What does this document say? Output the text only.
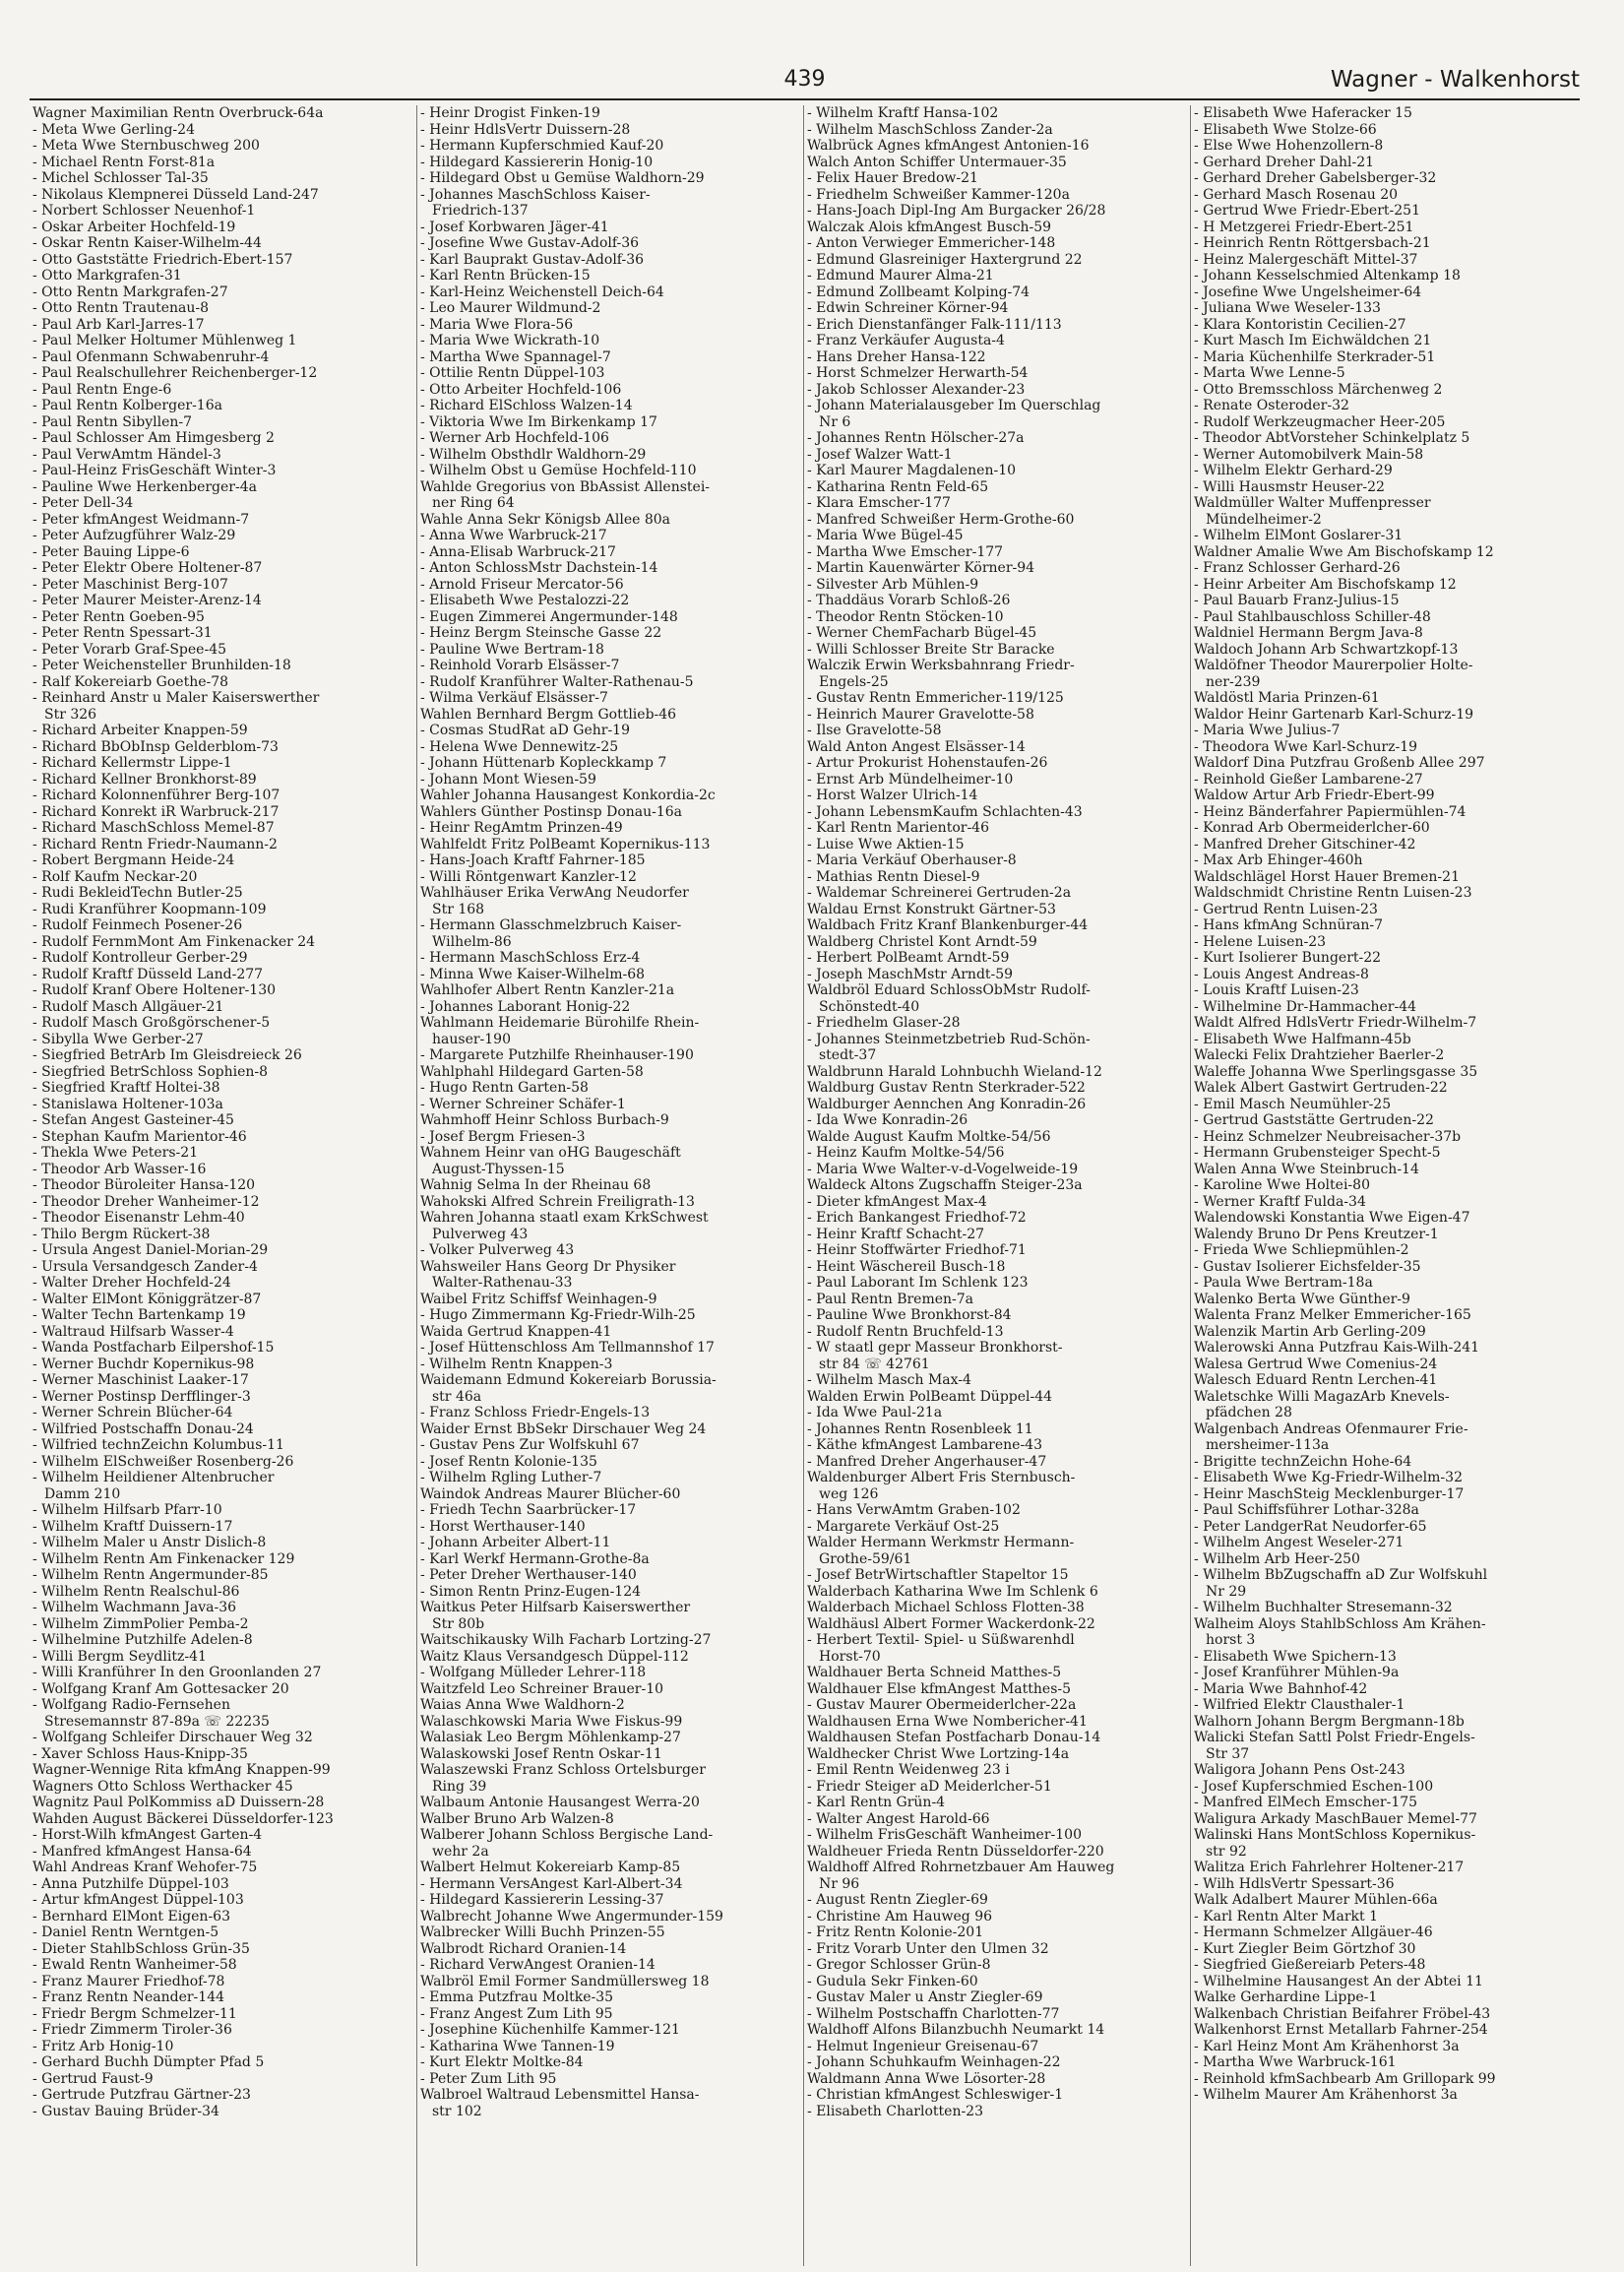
439	Wagner - Walkenhorst
Wagner Maximilian Rentn Overbruck-64a
- Meta Wwe Gerling-24
- Meta Wwe Sternbuschweg 200
- Michael Rentn Forst-81a
- Michel Schlosser Tal-35
- Nikolaus Klempnerei Düsseld Land-247
- Norbert Schlosser Neuenhof-1
- Oskar Arbeiter Hochfeld-19
- Oskar Rentn Kaiser-Wilhelm-44
- Otto Gaststätte Friedrich-Ebert-157
- Otto Markgrafen-31
- Otto Rentn Markgrafen-27
- Otto Rentn Trautenau-8
- Paul Arb Karl-Jarres-17
- Paul Melker Holtumer Mühlenweg 1
- Paul Ofenmann Schwabenruhr-4
- Paul Realschullehrer Reichenberger-12
- Paul Rentn Enge-6
- Paul Rentn Kolberger-16a
- Paul Rentn Sibyllen-7
- Paul Schlosser Am Himgesberg 2
- Paul VerwAmtm Händel-3
- Paul-Heinz FrisGeschäft Winter-3
- Pauline Wwe Herkenberger-4a
- Peter Dell-34
- Peter kfmAngest Weidmann-7
- Peter Aufzugführer Walz-29
- Peter Bauing Lippe-6
- Peter Elektr Obere Holtener-87
- Peter Maschinist Berg-107
- Peter Maurer Meister-Arenz-14
- Peter Rentn Goeben-95
- Peter Rentn Spessart-31
- Peter Vorarb Graf-Spee-45
- Peter Weichensteller Brunhilden-18
- Ralf Kokereiarb Goethe-78
- Reinhard Anstr u Maler Kaiserswerther
Str 326
- Richard Arbeiter Knappen-59
- Richard BbObInsp Gelderblom-73
- Richard Kellermstr Lippe-1
- Richard Kellner Bronkhorst-89
- Richard Kolonnenführer Berg-107
- Richard Konrekt iR Warbruck-217
- Richard MaschSchloss Memel-87
- Richard Rentn Friedr-Naumann-2
- Robert Bergmann Heide-24
- Rolf Kaufm Neckar-20
- Rudi BekleidTechn Butler-25
- Rudi Kranführer Koopmann-109
- Rudolf Feinmech Posener-26
- Rudolf FernmMont Am Finkenacker 24
- Rudolf Kontrolleur Gerber-29
- Rudolf Kraftf Düsseld Land-277
- Rudolf Kranf Obere Holtener-130
- Rudolf Masch Allgäuer-21
- Rudolf Masch Großgörschener-5
- Sibylla Wwe Gerber-27
- Siegfried BetrArb Im Gleisdreieck 26
- Siegfried BetrSchloss Sophien-8
- Siegfried Kraftf Holtei-38
- Stanislawa Holtener-103a
- Stefan Angest Gasteiner-45
- Stephan Kaufm Marientor-46
- Thekla Wwe Peters-21
- Theodor Arb Wasser-16
- Theodor Büroleiter Hansa-120
- Theodor Dreher Wanheimer-12
- Theodor Eisenanstr Lehm-40
- Thilo Bergm Rückert-38
- Ursula Angest Daniel-Morian-29
- Ursula Versandgesch Zander-4
- Walter Dreher Hochfeld-24
- Walter ElMont Königgrätzer-87
- Walter Techn Bartenkamp 19
- Waltraud Hilfsarb Wasser-4
- Wanda Postfacharb Eilpershof-15
- Werner Buchdr Kopernikus-98
- Werner Maschinist Laaker-17
- Werner Postinsp Derfflinger-3
- Werner Schrein Blücher-64
- Wilfried Postschaffn Donau-24
- Wilfried technZeichn Kolumbus-11
- Wilhelm ElSchweißer Rosenberg-26
- Wilhelm Heildiener Altenbrucher
Damm 210
- Wilhelm Hilfsarb Pfarr-10
- Wilhelm Kraftf Duissern-17
- Wilhelm Maler u Anstr Dislich-8
- Wilhelm Rentn Am Finkenacker 129
- Wilhelm Rentn Angermunder-85
- Wilhelm Rentn Realschul-86
- Wilhelm Wachmann Java-36
- Wilhelm ZimmPolier Pemba-2
- Wilhelmine Putzhilfe Adelen-8
- Willi Bergm Seydlitz-41
- Willi Kranführer In den Groonlanden 27
- Wolfgang Kranf Am Gottesacker 20
- Wolfgang Radio-Fernsehen
Stresemannstr 87-89a ☏ 22235
- Wolfgang Schleifer Dirschauer Weg 32
- Xaver Schloss Haus-Knipp-35
Wagner-Wennige Rita kfmAng Knappen-99
Wagners Otto Schloss Werthacker 45
Wagnitz Paul PolKommiss aD Duissern-28
Wahden August Bäckerei Düsseldorfer-123
- Horst-Wilh kfmAngest Garten-4
- Manfred kfmAngest Hansa-64
Wahl Andreas Kranf Wehofer-75
- Anna Putzhilfe Düppel-103
- Artur kfmAngest Düppel-103
- Bernhard ElMont Eigen-63
- Daniel Rentn Werntgen-5
- Dieter StahlbSchloss Grün-35
- Ewald Rentn Wanheimer-58
- Franz Maurer Friedhof-78
- Franz Rentn Neander-144
- Friedr Bergm Schmelzer-11
- Friedr Zimmerm Tiroler-36
- Fritz Arb Honig-10
- Gerhard Buchh Dümpter Pfad 5
- Gertrud Faust-9
- Gertrude Putzfrau Gärtner-23
- Gustav Bauing Brüder-34
- Heinr Drogist Finken-19
- Heinr HdlsVertr Duissern-28
- Hermann Kupferschmied Kauf-20
- Hildegard Kassiererin Honig-10
- Hildegard Obst u Gemüse Waldhorn-29
- Johannes MaschSchloss Kaiser-
Friedrich-137
- Josef Korbwaren Jäger-41
- Josefine Wwe Gustav-Adolf-36
- Karl Bauprakt Gustav-Adolf-36
- Karl Rentn Brücken-15
- Karl-Heinz Weichenstell Deich-64
- Leo Maurer Wildmund-2
- Maria Wwe Flora-56
- Maria Wwe Wickrath-10
- Martha Wwe Spannagel-7
- Ottilie Rentn Düppel-103
- Otto Arbeiter Hochfeld-106
- Richard ElSchloss Walzen-14
- Viktoria Wwe Im Birkenkamp 17
- Werner Arb Hochfeld-106
- Wilhelm Obsthdlr Waldhorn-29
- Wilhelm Obst u Gemüse Hochfeld-110
Wahlde Gregorius von BbAssist Allenstei-
ner Ring 64
Wahle Anna Sekr Königsb Allee 80a
- Anna Wwe Warbruck-217
- Anna-Elisab Warbruck-217
- Anton SchlossMstr Dachstein-14
- Arnold Friseur Mercator-56
- Elisabeth Wwe Pestalozzi-22
- Eugen Zimmerei Angermunder-148
- Heinz Bergm Steinsche Gasse 22
- Pauline Wwe Bertram-18
- Reinhold Vorarb Elsässer-7
- Rudolf Kranführer Walter-Rathenau-5
- Wilma Verkäuf Elsässer-7
Wahlen Bernhard Bergm Gottlieb-46
- Cosmas StudRat aD Gehr-19
- Helena Wwe Dennewitz-25
- Johann Hüttenarb Kopleckkamp 7
- Johann Mont Wiesen-59
Wahler Johanna Hausangest Konkordia-2c
Wahlers Günther Postinsp Donau-16a
- Heinr RegAmtm Prinzen-49
Wahlfeldt Fritz PolBeamt Kopernikus-113
- Hans-Joach Kraftf Fahrner-185
- Willi Röntgenwart Kanzler-12
Wahlhäuser Erika VerwAng Neudorfer
Str 168
- Hermann Glasschmelzbruch Kaiser-
Wilhelm-86
- Hermann MaschSchloss Erz-4
- Minna Wwe Kaiser-Wilhelm-68
Wahlhofer Albert Rentn Kanzler-21a
- Johannes Laborant Honig-22
Wahlmann Heidemarie Bürohilfe Rhein-
hauser-190
- Margarete Putzhilfe Rheinhauser-190
Wahlphahl Hildegard Garten-58
- Hugo Rentn Garten-58
- Werner Schreiner Schäfer-1
Wahmhoff Heinr Schloss Burbach-9
- Josef Bergm Friesen-3
Wahnem Heinr van oHG Baugeschäft
August-Thyssen-15
Wahnig Selma In der Rheinau 68
Wahokski Alfred Schrein Freiligrath-13
Wahren Johanna staatl exam KrkSchwest
Pulverweg 43
- Volker Pulverweg 43
Wahsweiler Hans Georg Dr Physiker
Walter-Rathenau-33
Waibel Fritz Schiffsf Weinhagen-9
- Hugo Zimmermann Kg-Friedr-Wilh-25
Waida Gertrud Knappen-41
- Josef Hüttenschloss Am Tellmannshof 17
- Wilhelm Rentn Knappen-3
Waidemann Edmund Kokereiarb Borussia-
str 46a
- Franz Schloss Friedr-Engels-13
Waider Ernst BbSekr Dirschauer Weg 24
- Gustav Pens Zur Wolfskuhl 67
- Josef Rentn Kolonie-135
- Wilhelm Rgling Luther-7
Waindok Andreas Maurer Blücher-60
- Friedh Techn Saarbrücker-17
- Horst Werthauser-140
- Johann Arbeiter Albert-11
- Karl Werkf Hermann-Grothe-8a
- Peter Dreher Werthauser-140
- Simon Rentn Prinz-Eugen-124
Waitkus Peter Hilfsarb Kaiserswerther
Str 80b
Waitschikausky Wilh Facharb Lortzing-27
Waitz Klaus Versandgesch Düppel-112
- Wolfgang Mülleder Lehrer-118
Waitzfeld Leo Schreiner Brauer-10
Waias Anna Wwe Waldhorn-2
Walaschkowski Maria Wwe Fiskus-99
Walasiak Leo Bergm Möhlenkamp-27
Walaskowski Josef Rentn Oskar-11
Walaszewski Franz Schloss Ortelsburger
Ring 39
Walbaum Antonie Hausangest Werra-20
Walber Bruno Arb Walzen-8
Walberer Johann Schloss Bergische Land-
wehr 2a
Walbert Helmut Kokereiarb Kamp-85
- Hermann VersAngest Karl-Albert-34
- Hildegard Kassiererin Lessing-37
Walbrecht Johanne Wwe Angermunder-159
Walbrecker Willi Buchh Prinzen-55
Walbrodt Richard Oranien-14
- Richard VerwAngest Oranien-14
Walbröl Emil Former Sandmüllersweg 18
- Emma Putzfrau Moltke-35
- Franz Angest Zum Lith 95
- Josephine Küchenhilfe Kammer-121
- Katharina Wwe Tannen-19
- Kurt Elektr Moltke-84
- Peter Zum Lith 95
Walbroel Waltraud Lebensmittel Hansa-
str 102
- Wilhelm Kraftf Hansa-102
- Wilhelm MaschSchloss Zander-2a
Walbrück Agnes kfmAngest Antonien-16
Walch Anton Schiffer Untermauer-35
- Felix Hauer Bredow-21
- Friedhelm Schweißer Kammer-120a
- Hans-Joach Dipl-Ing Am Burgacker 26/28
Walczak Alois kfmAngest Busch-59
- Anton Verwieger Emmericher-148
- Edmund Glasreiniger Haxtergrund 22
- Edmund Maurer Alma-21
- Edmund Zollbeamt Kolping-74
- Edwin Schreiner Körner-94
- Erich Dienstanfänger Falk-111/113
- Franz Verkäufer Augusta-4
- Hans Dreher Hansa-122
- Horst Schmelzer Herwarth-54
- Jakob Schlosser Alexander-23
- Johann Materialausgeber Im Querschlag
Nr 6
- Johannes Rentn Hölscher-27a
- Josef Walzer Watt-1
- Karl Maurer Magdalenen-10
- Katharina Rentn Feld-65
- Klara Emscher-177
- Manfred Schweißer Herm-Grothe-60
- Maria Wwe Bügel-45
- Martha Wwe Emscher-177
- Martin Kauenwärter Körner-94
- Silvester Arb Mühlen-9
- Thaddäus Vorarb Schloß-26
- Theodor Rentn Stöcken-10
- Werner ChemFacharb Bügel-45
- Willi Schlosser Breite Str Baracke
Walczik Erwin Werksbahnrang Friedr-
Engels-25
- Gustav Rentn Emmericher-119/125
- Heinrich Maurer Gravelotte-58
- Ilse Gravelotte-58
Wald Anton Angest Elsässer-14
- Artur Prokurist Hohenstaufen-26
- Ernst Arb Mündelheimer-10
- Horst Walzer Ulrich-14
- Johann LebensmKaufm Schlachten-43
- Karl Rentn Marientor-46
- Luise Wwe Aktien-15
- Maria Verkäuf Oberhauser-8
- Mathias Rentn Diesel-9
- Waldemar Schreinerei Gertruden-2a
Waldau Ernst Konstrukt Gärtner-53
Waldbach Fritz Kranf Blankenburger-44
Waldberg Christel Kont Arndt-59
- Herbert PolBeamt Arndt-59
- Joseph MaschMstr Arndt-59
Waldbröl Eduard SchlossObMstr Rudolf-
Schönstedt-40
- Friedhelm Glaser-28
- Johannes Steinmetzbetrieb Rud-Schön-
stedt-37
Waldbrunn Harald Lohnbuchh Wieland-12
Waldburg Gustav Rentn Sterkrader-522
Waldburger Aennchen Ang Konradin-26
- Ida Wwe Konradin-26
Walde August Kaufm Moltke-54/56
- Heinz Kaufm Moltke-54/56
- Maria Wwe Walter-v-d-Vogelweide-19
Waldeck Altons Zugschaffn Steiger-23a
- Dieter kfmAngest Max-4
- Erich Bankangest Friedhof-72
- Heinr Kraftf Schacht-27
- Heinr Stoffwärter Friedhof-71
- Heint Wäschereil Busch-18
- Paul Laborant Im Schlenk 123
- Paul Rentn Bremen-7a
- Pauline Wwe Bronkhorst-84
- Rudolf Rentn Bruchfeld-13
- W staatl gepr Masseur Bronkhorst-
str 84 ☏ 42761
- Wilhelm Masch Max-4
Walden Erwin PolBeamt Düppel-44
- Ida Wwe Paul-21a
- Johannes Rentn Rosenbleek 11
- Käthe kfmAngest Lambarene-43
- Manfred Dreher Angerhauser-47
Waldenburger Albert Fris Sternbusch-
weg 126
- Hans VerwAmtm Graben-102
- Margarete Verkäuf Ost-25
Walder Hermann Werkmstr Hermann-
Grothe-59/61
- Josef BetrWirtschaftler Stapeltor 15
Walderbach Katharina Wwe Im Schlenk 6
Walderbach Michael Schloss Flotten-38
Waldhäusl Albert Former Wackerdonk-22
- Herbert Textil- Spiel- u Süßwarenhdl
Horst-70
Waldhauer Berta Schneid Matthes-5
Waldhauer Else kfmAngest Matthes-5
- Gustav Maurer Obermeiderlcher-22a
Waldhausen Erna Wwe Nombericher-41
Waldhausen Stefan Postfacharb Donau-14
Waldhecker Christ Wwe Lortzing-14a
- Emil Rentn Weidenweg 23 i
- Friedr Steiger aD Meiderlcher-51
- Karl Rentn Grün-4
- Walter Angest Harold-66
- Wilhelm FrisGeschäft Wanheimer-100
Waldheuer Frieda Rentn Düsseldorfer-220
Waldhoff Alfred Rohrnetzbauer Am Hauweg
Nr 96
- August Rentn Ziegler-69
- Christine Am Hauweg 96
- Fritz Rentn Kolonie-201
- Fritz Vorarb Unter den Ulmen 32
- Gregor Schlosser Grün-8
- Gudula Sekr Finken-60
- Gustav Maler u Anstr Ziegler-69
- Wilhelm Postschaffn Charlotten-77
Waldhoff Alfons Bilanzbuchh Neumarkt 14
- Helmut Ingenieur Greisenau-67
- Johann Schuhkaufm Weinhagen-22
Waldmann Anna Wwe Lösorter-28
- Christian kfmAngest Schleswiger-1
- Elisabeth Charlotten-23
- Elisabeth Wwe Haferacker 15
- Elisabeth Wwe Stolze-66
- Else Wwe Hohenzollern-8
- Gerhard Dreher Dahl-21
- Gerhard Dreher Gabelsberger-32
- Gerhard Masch Rosenau 20
- Gertrud Wwe Friedr-Ebert-251
- H Metzgerei Friedr-Ebert-251
- Heinrich Rentn Röttgersbach-21
- Heinz Malergeschäft Mittel-37
- Johann Kesselschmied Altenkamp 18
- Josefine Wwe Ungelsheimer-64
- Juliana Wwe Weseler-133
- Klara Kontoristin Cecilien-27
- Kurt Masch Im Eichwäldchen 21
- Maria Küchenhilfe Sterkrader-51
- Marta Wwe Lenne-5
- Otto Bremsschloss Märchenweg 2
- Renate Osteroder-32
- Rudolf Werkzeugmacher Heer-205
- Theodor AbtVorsteher Schinkelplatz 5
- Werner Automobilverk Main-58
- Wilhelm Elektr Gerhard-29
- Willi Hausmstr Heuser-22
Waldmüller Walter Muffenpresser
Mündelheimer-2
- Wilhelm ElMont Goslarer-31
Waldner Amalie Wwe Am Bischofskamp 12
- Franz Schlosser Gerhard-26
- Heinr Arbeiter Am Bischofskamp 12
- Paul Bauarb Franz-Julius-15
- Paul Stahlbauschloss Schiller-48
Waldniel Hermann Bergm Java-8
Waldoch Johann Arb Schwartzkopf-13
Waldöfner Theodor Maurerpolier Holte-
ner-239
Waldöstl Maria Prinzen-61
Waldor Heinr Gartenarb Karl-Schurz-19
- Maria Wwe Julius-7
- Theodora Wwe Karl-Schurz-19
Waldorf Dina Putzfrau Großenb Allee 297
- Reinhold Gießer Lambarene-27
Waldow Artur Arb Friedr-Ebert-99
- Heinz Bänderfahrer Papiermühlen-74
- Konrad Arb Obermeiderlcher-60
- Manfred Dreher Gitschiner-42
- Max Arb Ehinger-460h
Waldschlägel Horst Hauer Bremen-21
Waldschmidt Christine Rentn Luisen-23
- Gertrud Rentn Luisen-23
- Hans kfmAng Schnüran-7
- Helene Luisen-23
- Kurt Isolierer Bungert-22
- Louis Angest Andreas-8
- Louis Kraftf Luisen-23
- Wilhelmine Dr-Hammacher-44
Waldt Alfred HdlsVertr Friedr-Wilhelm-7
- Elisabeth Wwe Halfmann-45b
Walecki Felix Drahtzieher Baerler-2
Waleffe Johanna Wwe Sperlingsgasse 35
Walek Albert Gastwirt Gertruden-22
- Emil Masch Neumühler-25
- Gertrud Gaststätte Gertruden-22
- Heinz Schmelzer Neubreisacher-37b
- Hermann Grubensteiger Specht-5
Walen Anna Wwe Steinbruch-14
- Karoline Wwe Holtei-80
- Werner Kraftf Fulda-34
Walendowski Konstantia Wwe Eigen-47
Walendy Bruno Dr Pens Kreutzer-1
- Frieda Wwe Schliepmühlen-2
- Gustav Isolierer Eichsfelder-35
- Paula Wwe Bertram-18a
Walenko Berta Wwe Günther-9
Walenta Franz Melker Emmericher-165
Walenzik Martin Arb Gerling-209
Walerowski Anna Putzfrau Kais-Wilh-241
Walesa Gertrud Wwe Comenius-24
Walesch Eduard Rentn Lerchen-41
Waletschke Willi MagazArb Knevels-
pfädchen 28
Walgenbach Andreas Ofenmaurer Frie-
mersheimer-113a
- Brigitte technZeichn Hohe-64
- Elisabeth Wwe Kg-Friedr-Wilhelm-32
- Heinr MaschSteig Mecklenburger-17
- Paul Schiffsführer Lothar-328a
- Peter LandgerRat Neudorfer-65
- Wilhelm Angest Weseler-271
- Wilhelm Arb Heer-250
- Wilhelm BbZugschaffn aD Zur Wolfskuhl
Nr 29
- Wilhelm Buchhalter Stresemann-32
Walheim Aloys StahlbSchloss Am Krähen-
horst 3
- Elisabeth Wwe Spichern-13
- Josef Kranführer Mühlen-9a
- Maria Wwe Bahnhof-42
- Wilfried Elektr Clausthaler-1
Walhorn Johann Bergm Bergmann-18b
Walicki Stefan Sattl Polst Friedr-Engels-
Str 37
Waligora Johann Pens Ost-243
- Josef Kupferschmied Eschen-100
- Manfred ElMech Emscher-175
Waligura Arkady MaschBauer Memel-77
Walinski Hans MontSchloss Kopernikus-
str 92
Walitza Erich Fahrlehrer Holtener-217
- Wilh HdlsVertr Spessart-36
Walk Adalbert Maurer Mühlen-66a
- Karl Rentn Alter Markt 1
- Hermann Schmelzer Allgäuer-46
- Kurt Ziegler Beim Görtzhof 30
- Siegfried Gießereiarb Peters-48
- Wilhelmine Hausangest An der Abtei 11
Walke Gerhardine Lippe-1
Walkenbach Christian Beifahrer Fröbel-43
Walkenhorst Ernst Metallarb Fahrner-254
- Karl Heinz Mont Am Krähenhorst 3a
- Martha Wwe Warbruck-161
- Reinhold kfmSachbearb Am Grillopark 99
- Wilhelm Maurer Am Krähenhorst 3a
